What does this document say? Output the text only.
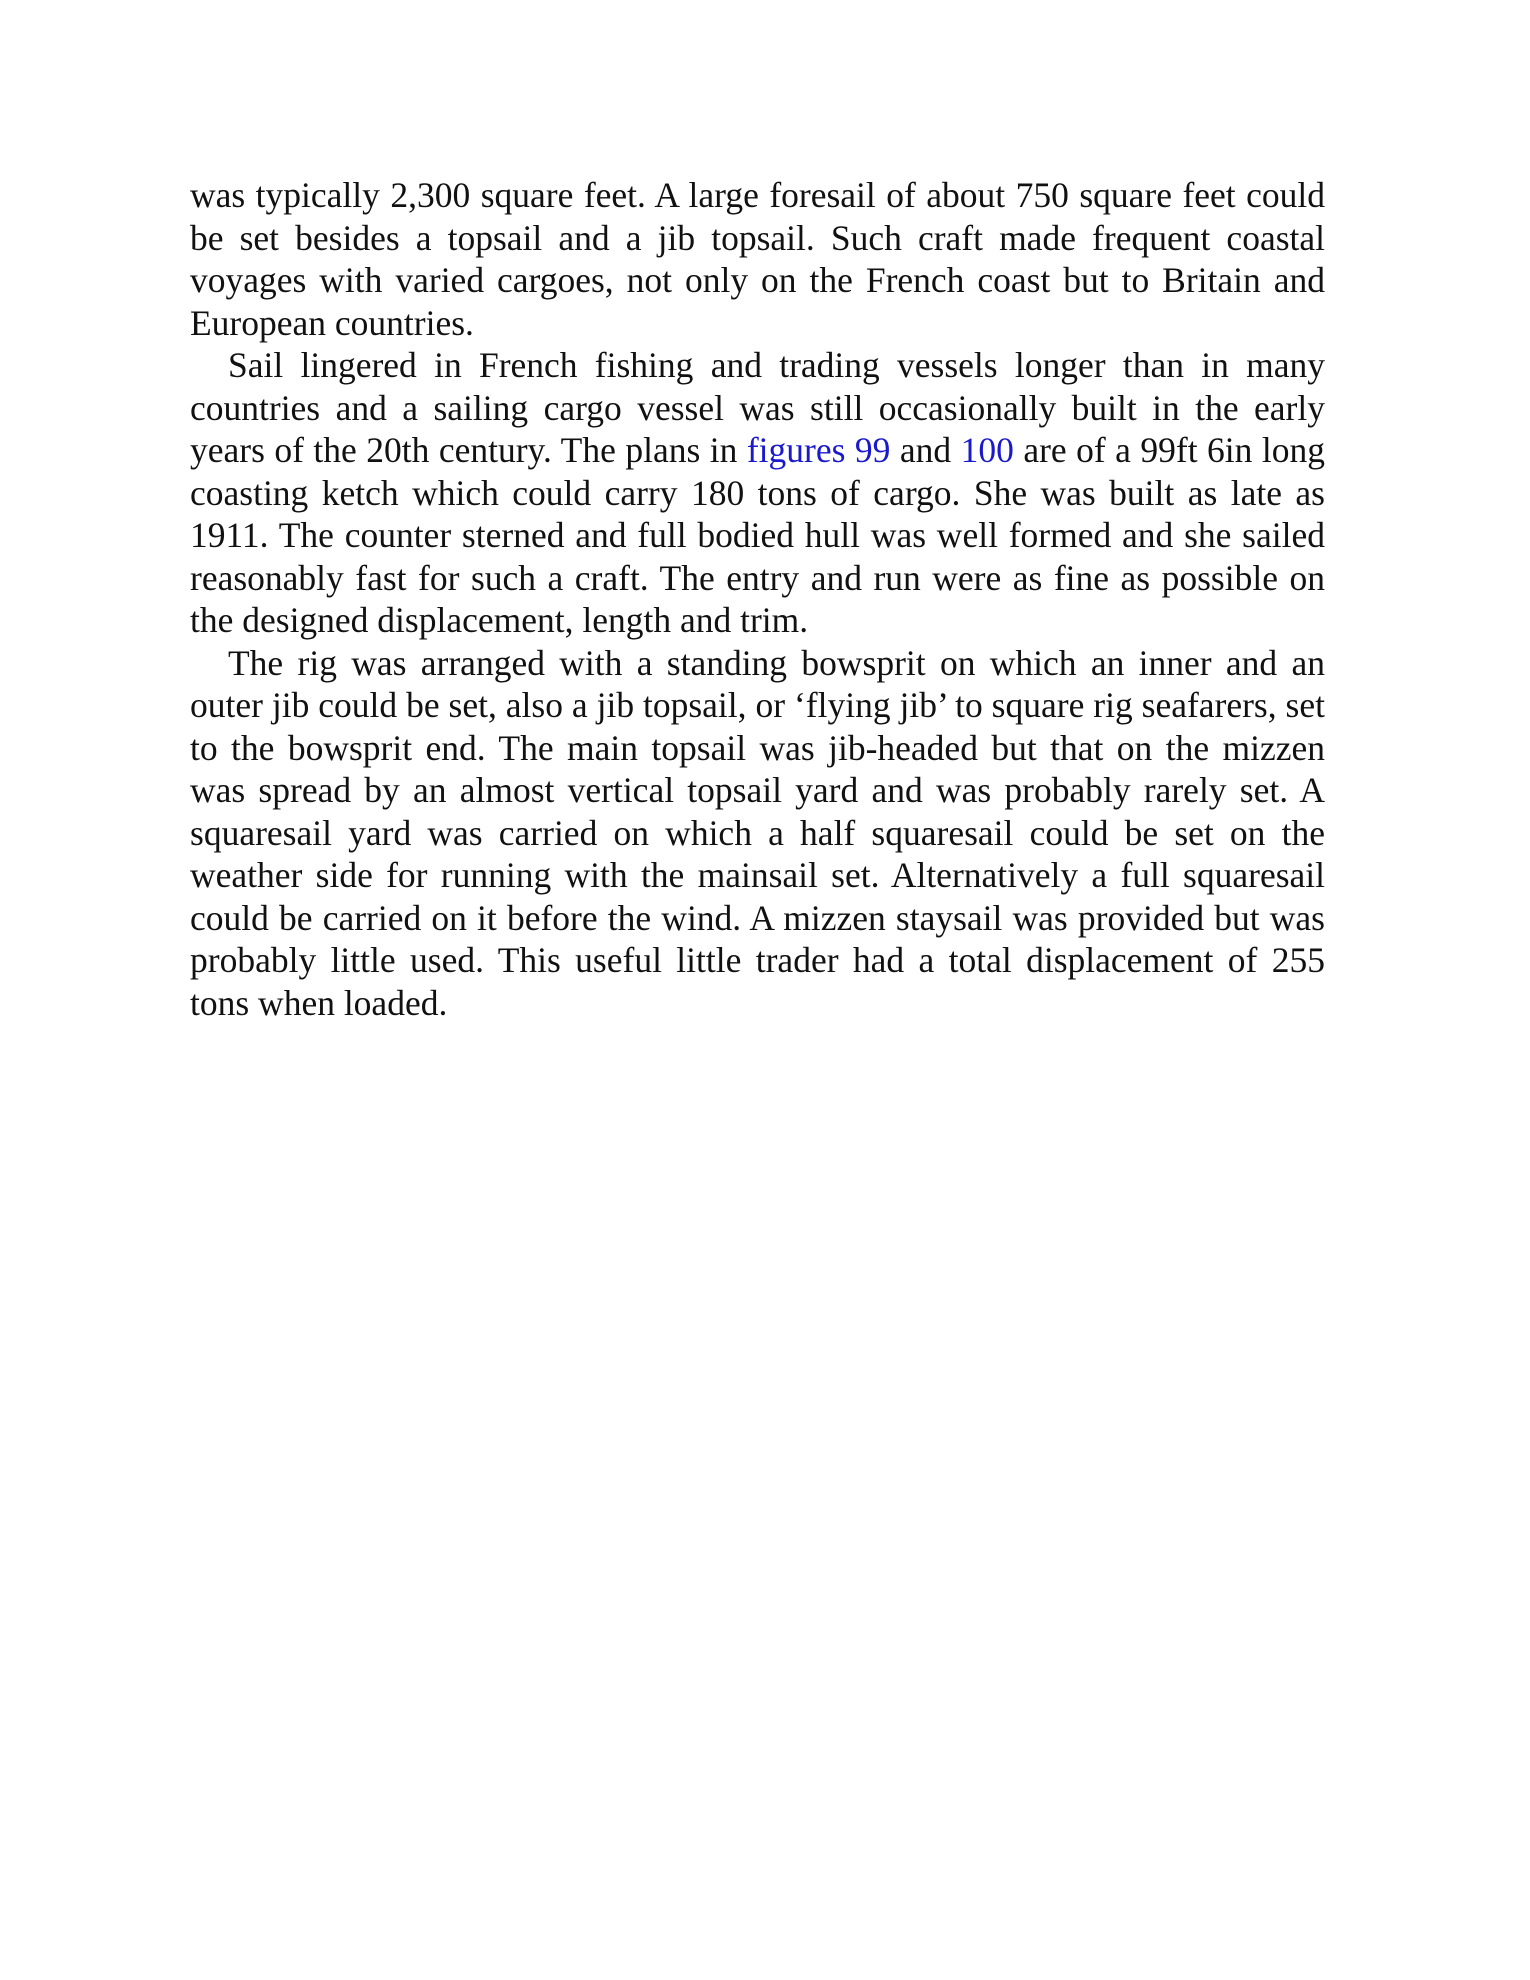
was typically 2,300 square feet. A large foresail of about 750 square feet could be set besides a topsail and a jib topsail. Such craft made frequent coastal voyages with varied cargoes, not only on the French coast but to Britain and European countries.

Sail lingered in French fishing and trading vessels longer than in many countries and a sailing cargo vessel was still occasionally built in the early years of the 20th century. The plans in figures 99 and 100 are of a 99ft 6in long coasting ketch which could carry 180 tons of cargo. She was built as late as 1911. The counter sterned and full bodied hull was well formed and she sailed reasonably fast for such a craft. The entry and run were as fine as possible on the designed displacement, length and trim.

The rig was arranged with a standing bowsprit on which an inner and an outer jib could be set, also a jib topsail, or ‘flying jib’ to square rig seafarers, set to the bowsprit end. The main topsail was jib-headed but that on the mizzen was spread by an almost vertical topsail yard and was probably rarely set. A squaresail yard was carried on which a half squaresail could be set on the weather side for running with the mainsail set. Alternatively a full squaresail could be carried on it before the wind. A mizzen staysail was provided but was probably little used. This useful little trader had a total displacement of 255 tons when loaded.
